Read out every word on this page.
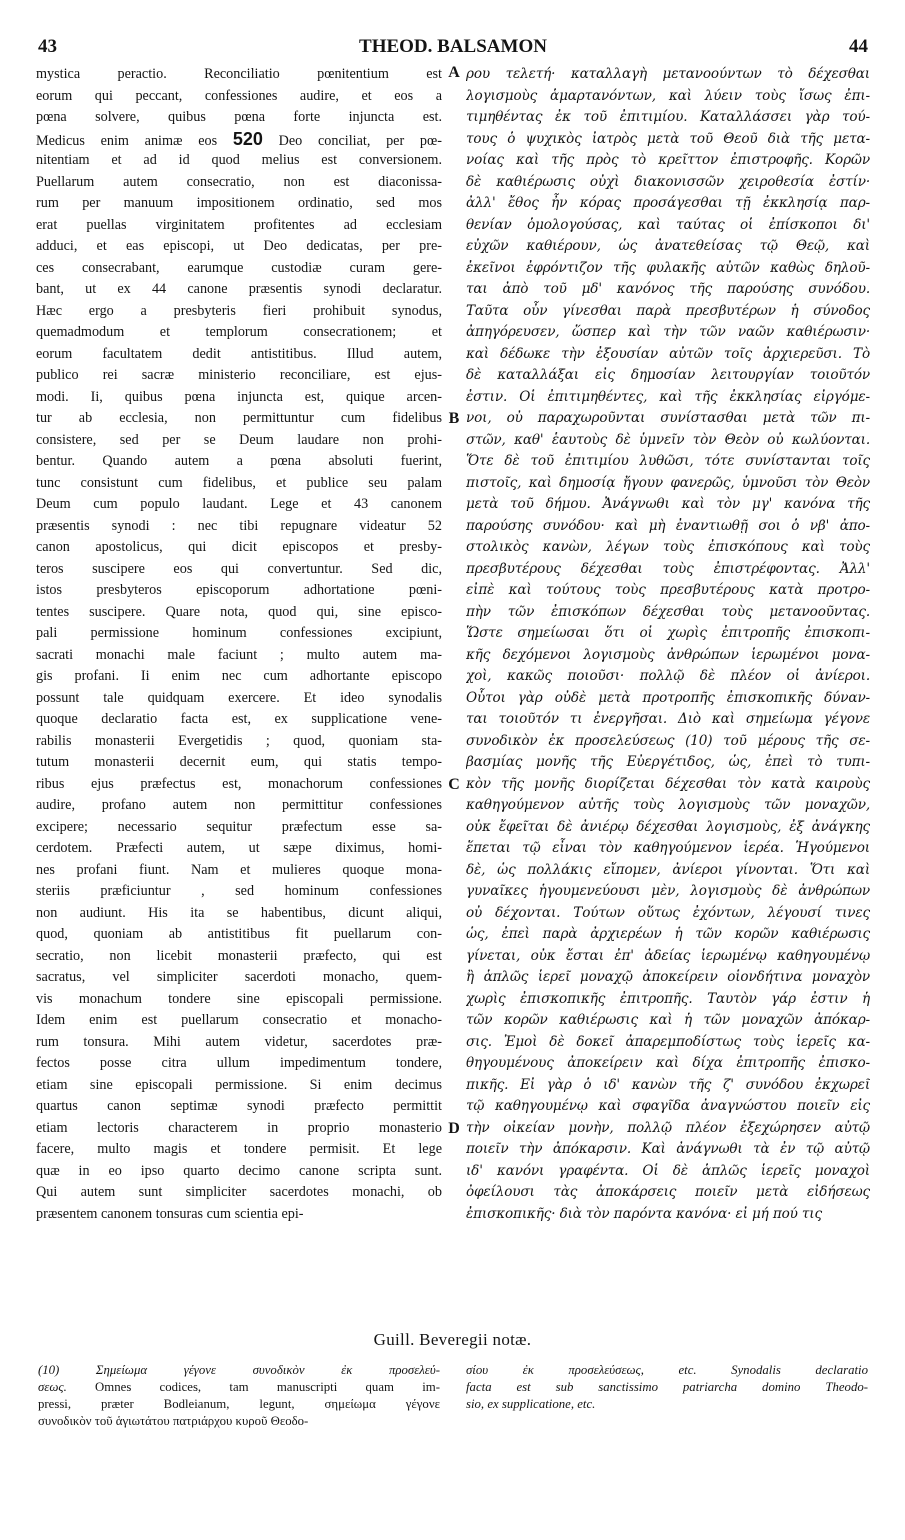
43	THEOD. BALSAMON	44
mystica peractio. Reconciliatio pœnitentium est
eorum qui peccant, confessiones audire, et eos a
pœna solvere, quibus pœna forte injuncta est.
Medicus enim animæ eos 520 Deo conciliat, per pœ-
nitentiam et ad id quod melius est conversionem.
Puellarum autem consecratio, non est diaconissa-
rum per manuum impositionem ordinatio, sed mos
erat puellas virginitatem profitentes ad ecclesiam
adduci, et eas episcopi, ut Deo dedicatas, per pre-
ces consecrabant, earumque custodiæ curam gere-
bant, ut ex 44 canone præsentis synodi declaratur.
Hæc ergo a presbyteris fieri prohibuit synodus,
quemadmodum et templorum consecrationem; et
eorum facultatem dedit antistitibus. Illud autem,
publico rei sacræ ministerio reconciliare, est ejus-
modi. Ii, quibus pœna injuncta est, quique arcen-
tur ab ecclesia, non permittuntur cum fidelibus
consistere, sed per se Deum laudare non prohi-
bentur. Quando autem a pœna absoluti fuerint,
tunc consistunt cum fidelibus, et publice seu palam
Deum cum populo laudant. Lege et 43 canonem
præsentis synodi : nec tibi repugnare videatur 52
canon apostolicus, qui dicit episcopos et presby-
teros suscipere eos qui convertuntur. Sed dic,
istos presbyteros episcoporum adhortatione pœni-
tentes suscipere. Quare nota, quod qui, sine episco-
pali permissione hominum confessiones excipiunt,
sacrati monachi male faciunt ; multo autem ma-
gis profani. Ii enim nec cum adhortante episcopo
possunt tale quidquam exercere. Et ideo synodalis
quoque declaratio facta est, ex supplicatione vene-
rabilis monasterii Evergetidis ; quod, quoniam sta-
tutum monasterii decernit eum, qui statis tempo-
ribus ejus præfectus est, monachorum confessiones
audire, profano autem non permittitur confessiones
excipere; necessario sequitur præfectum esse sa-
cerdotem. Præfecti autem, ut sæpe diximus, homi-
nes profani fiunt. Nam et mulieres quoque mona-
steriis præficiuntur , sed hominum confessiones
non audiunt. His ita se habentibus, dicunt aliqui,
quod, quoniam ab antistitibus fit puellarum con-
secratio, non licebit monasterii præfecto, qui est
sacratus, vel simpliciter sacerdoti monacho, quem-
vis monachum tondere sine episcopali permissione.
Idem enim est puellarum consecratio et monacho-
rum tonsura. Mihi autem videtur, sacerdotes præ-
fectos posse citra ullum impedimentum tondere,
etiam sine episcopali permissione. Si enim decimus
quartus canon septimæ synodi præfecto permittit
etiam lectoris characterem in proprio monasterio
facere, multo magis et tondere permisit. Et lege
quæ in eo ipso quarto decimo canone scripta sunt.
Qui autem sunt simpliciter sacerdotes monachi, ob
præsentem canonem tonsuras cum scientia epi-
ρου τελετή· καταλλαγὴ μετανοούντων τὸ δέχεσθαι
λογισμοὺς ἁμαρτανόντων, καὶ λύειν τοὺς ἴσως ἐπι-
τιμηθέντας ἐκ τοῦ ἐπιτιμίου. Καταλλάσσει γὰρ τού-
τους ὁ ψυχικὸς ἰατρὸς μετὰ τοῦ Θεοῦ διὰ τῆς μετα-
νοίας καὶ τῆς πρὸς τὸ κρεῖττον ἐπιστροφῆς. Κορῶν
δὲ καθιέρωσις οὐχὶ διακονισσῶν χειροθεσία ἐστίν·
ἀλλ' ἔθος ἦν κόρας προσάγεσθαι τῇ ἐκκλησίᾳ παρ-
θενίαν ὁμολογούσας, καὶ ταύτας οἱ ἐπίσκοποι δι'
εὐχῶν καθιέρουν, ὡς ἀνατεθείσας τῷ Θεῷ, καὶ
ἐκεῖνοι ἐφρόντιζον τῆς φυλακῆς αὐτῶν καθὼς δηλοῦ-
ται ἀπὸ τοῦ μδ' κανόνος τῆς παρούσης συνόδου.
Ταῦτα οὖν γίνεσθαι παρὰ πρεσβυτέρων ἡ σύνοδος
ἀπηγόρευσεν, ὥσπερ καὶ τὴν τῶν ναῶν καθιέρωσιν·
καὶ δέδωκε τὴν ἐξουσίαν αὐτῶν τοῖς ἀρχιερεῦσι. Τὸ
δὲ καταλλάξαι εἰς δημοσίαν λειτουργίαν τοιοῦτόν
ἐστιν. Οἱ ἐπιτιμηθέντες, καὶ τῆς ἐκκλησίας εἰργόμε-
νοι, οὐ παραχωροῦνται συνίστασθαι μετὰ τῶν πι-
στῶν, καθ' ἑαυτοὺς δὲ ὑμνεῖν τὸν Θεὸν οὐ κωλύονται.
Ὅτε δὲ τοῦ ἐπιτιμίου λυθῶσι, τότε συνίστανται τοῖς
πιστοῖς, καὶ δημοσίᾳ ἤγουν φανερῶς, ὑμνοῦσι τὸν Θεὸν
μετὰ τοῦ δήμου. Ἀνάγνωθι καὶ τὸν μγ' κανόνα τῆς
παρούσης συνόδου· καὶ μὴ ἐναντιωθῇ σοι ὁ νβ' ἀπο-
στολικὸς κανὼν, λέγων τοὺς ἐπισκόπους καὶ τοὺς
πρεσβυτέρους δέχεσθαι τοὺς ἐπιστρέφοντας. Ἀλλ'
εἰπὲ καὶ τούτους τοὺς πρεσβυτέρους κατὰ προτρο-
πὴν τῶν ἐπισκόπων δέχεσθαι τοὺς μετανοοῦντας.
Ὥστε σημείωσαι ὅτι οἱ χωρὶς ἐπιτροπῆς ἐπισκοπι-
κῆς δεχόμενοι λογισμοὺς ἀνθρώπων ἱερωμένοι μονα-
χοὶ, κακῶς ποιοῦσι· πολλῷ δὲ πλέον οἱ ἀνίεροι.
Οὗτοι γὰρ οὐδὲ μετὰ προτροπῆς ἐπισκοπικῆς δύναν-
ται τοιοῦτόν τι ἐνεργῆσαι. Διὸ καὶ σημείωμα γέγονε
συνοδικὸν ἐκ προσελεύσεως (10) τοῦ μέρους τῆς σε-
βασμίας μονῆς τῆς Εὐεργέτιδος, ὡς, ἐπεὶ τὸ τυπι-
κὸν τῆς μονῆς διορίζεται δέχεσθαι τὸν κατὰ καιροὺς
καθηγούμενον αὐτῆς τοὺς λογισμοὺς τῶν μοναχῶν,
οὐκ ἔφεῖται δὲ ἀνιέρῳ δέχεσθαι λογισμοὺς, ἐξ ἀνάγκης
ἕπεται τῷ εἶναι τὸν καθηγούμενον ἱερέα. Ἡγούμενοι
δὲ, ὡς πολλάκις εἴπομεν, ἀνίεροι γίνονται. Ὅτι καὶ
γυναῖκες ἡγουμενεύουσι μὲν, λογισμοὺς δὲ ἀνθρώπων
οὐ δέχονται. Τούτων οὕτως ἐχόντων, λέγουσί τινες
ὡς, ἐπεὶ παρὰ ἀρχιερέων ἡ τῶν κορῶν καθιέρωσις
γίνεται, οὐκ ἔσται ἐπ' ἀδείας ἱερωμένῳ καθηγουμένῳ
ἢ ἁπλῶς ἱερεῖ μοναχῷ ἀποκείρειν οἱονδήτινα μοναχὸν
χωρὶς ἐπισκοπικῆς ἐπιτροπῆς. Ταυτὸν γάρ ἐστιν ἡ
τῶν κορῶν καθιέρωσις καὶ ἡ τῶν μοναχῶν ἀπόκαρ-
σις. Ἐμοὶ δὲ δοκεῖ ἀπαρεμποδίστως τοὺς ἱερεῖς κα-
θηγουμένους ἀποκείρειν καὶ δίχα ἐπιτροπῆς ἐπισκο-
πικῆς. Εἰ γὰρ ὁ ιδ' κανὼν τῆς ζ' συνόδου ἐκχωρεῖ
τῷ καθηγουμένῳ καὶ σφαγῖδα ἀναγνώστου ποιεῖν εἰς
τὴν οἰκείαν μονὴν, πολλῷ πλέον ἐξεχώρησεν αὐτῷ
ποιεῖν τὴν ἀπόκαρσιν. Καὶ ἀνάγνωθι τὰ ἐν τῷ αὐτῷ
ιδ' κανόνι γραφέντα. Οἱ δὲ ἁπλῶς ἱερεῖς μοναχοὶ
ὀφείλουσι τὰς ἀποκάρσεις ποιεῖν μετὰ εἰδήσεως
ἐπισκοπικῆς· διὰ τὸν παρόντα κανόνα· εἰ μή πού τις
A
B
C
D
Guill. Beveregii notæ.
(10) Σημείωμα γέγονε συνοδικὸν ἐκ προσελεύ-
σεως. Omnes codices, tam manuscripti quam im-
pressi, præter Bodleianum, legunt, σημείωμα γέγονε
συνοδικὸν τοῦ ἁγιωτάτου πατριάρχου κυροῦ Θεοδο-
σίου ἐκ προσελεύσεως, etc. Synodalis declaratio
facta est sub sanctissimo patriarcha domino Theodo-
sio, ex supplicatione, etc.
